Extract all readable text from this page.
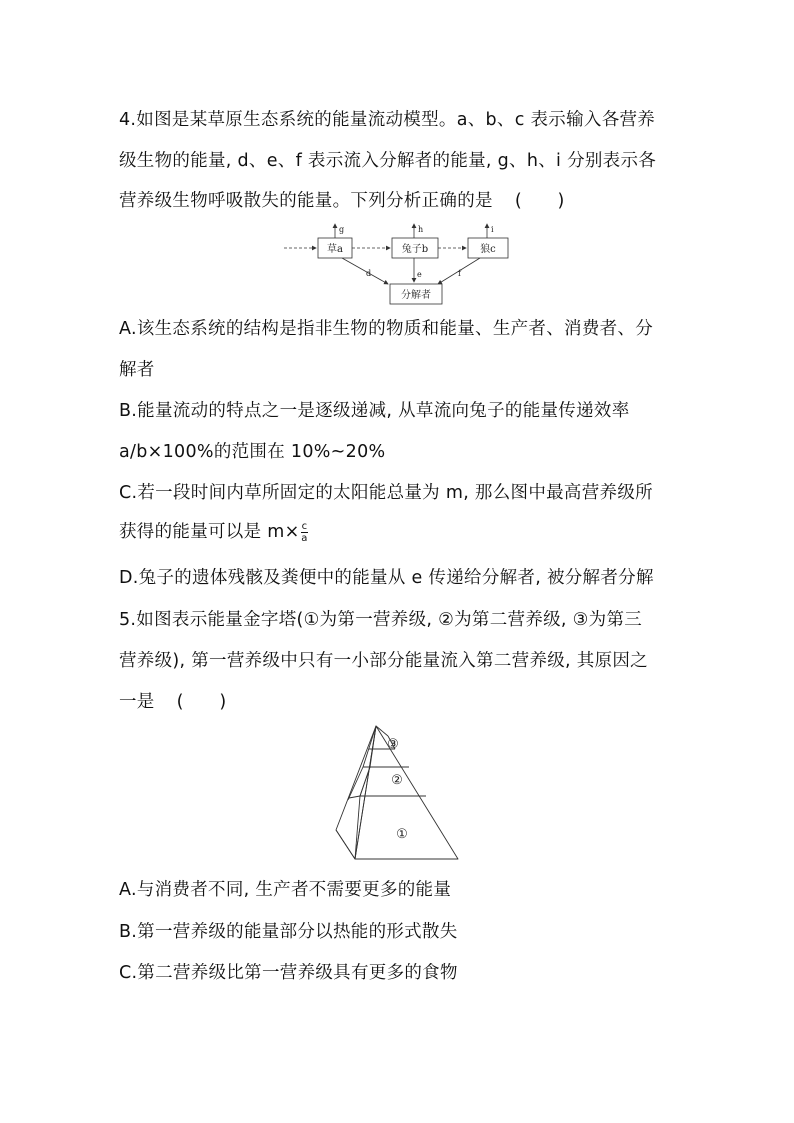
4.如图是某草原生态系统的能量流动模型。a、b、c 表示输入各营养
级生物的能量, d、e、f 表示流入分解者的能量, g、h、i 分别表示各
营养级生物呼吸散失的能量。下列分析正确的是 (　　)
草a	兔子b	狼c
分解者
g	h	i
d	e	f
A.该生态系统的结构是指非生物的物质和能量、生产者、消费者、分
解者
B.能量流动的特点之一是逐级递减, 从草流向兔子的能量传递效率
a/b×100%的范围在 10%~20%
C.若一段时间内草所固定的太阳能总量为 m, 那么图中最高营养级所
获得的能量可以是 $m\times \frac{c}{a}$
D.兔子的遗体残骸及粪便中的能量从 e 传递给分解者, 被分解者分解
5.如图表示能量金字塔(①为第一营养级, ②为第二营养级, ③为第三
营养级), 第一营养级中只有一小部分能量流入第二营养级, 其原因之
一是 (　　)
③
②
①
A.与消费者不同, 生产者不需要更多的能量
B.第一营养级的能量部分以热能的形式散失
C.第二营养级比第一营养级具有更多的食物
